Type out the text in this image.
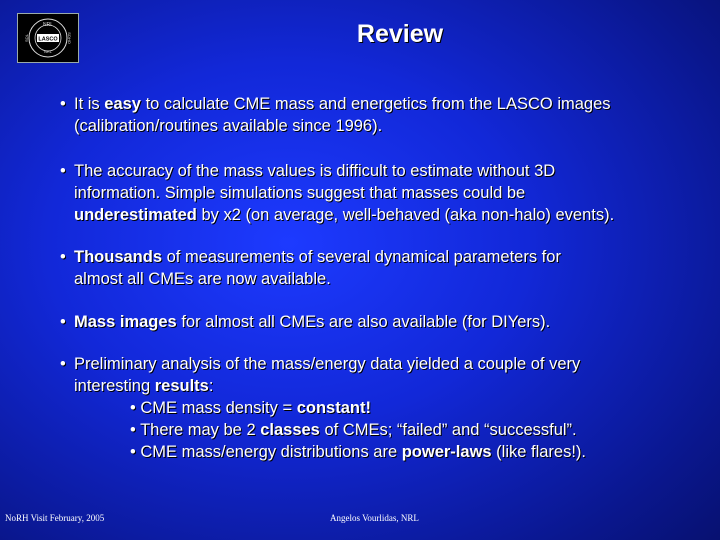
LASCO
NRL
NRL
SOL	SOHO	Review
• It is easy to calculate CME mass and energetics from the LASCO images
(calibration/routines available since 1996).
• The accuracy of the mass values is difficult to estimate without 3D
information. Simple simulations suggest that masses could be
underestimated by x2 (on average, well-behaved (aka non-halo) events).
• Thousands of measurements of several dynamical parameters for
almost all CMEs are now available.
• Mass images for almost all CMEs are also available (for DIYers).
• Preliminary analysis of the mass/energy data yielded a couple of very
interesting results:
• CME mass density = constant!
• There may be 2 classes of CMEs; “failed” and “successful”.
• CME mass/energy distributions are power-laws (like flares!).
NoRH Visit February, 2005	Angelos Vourlidas, NRL
